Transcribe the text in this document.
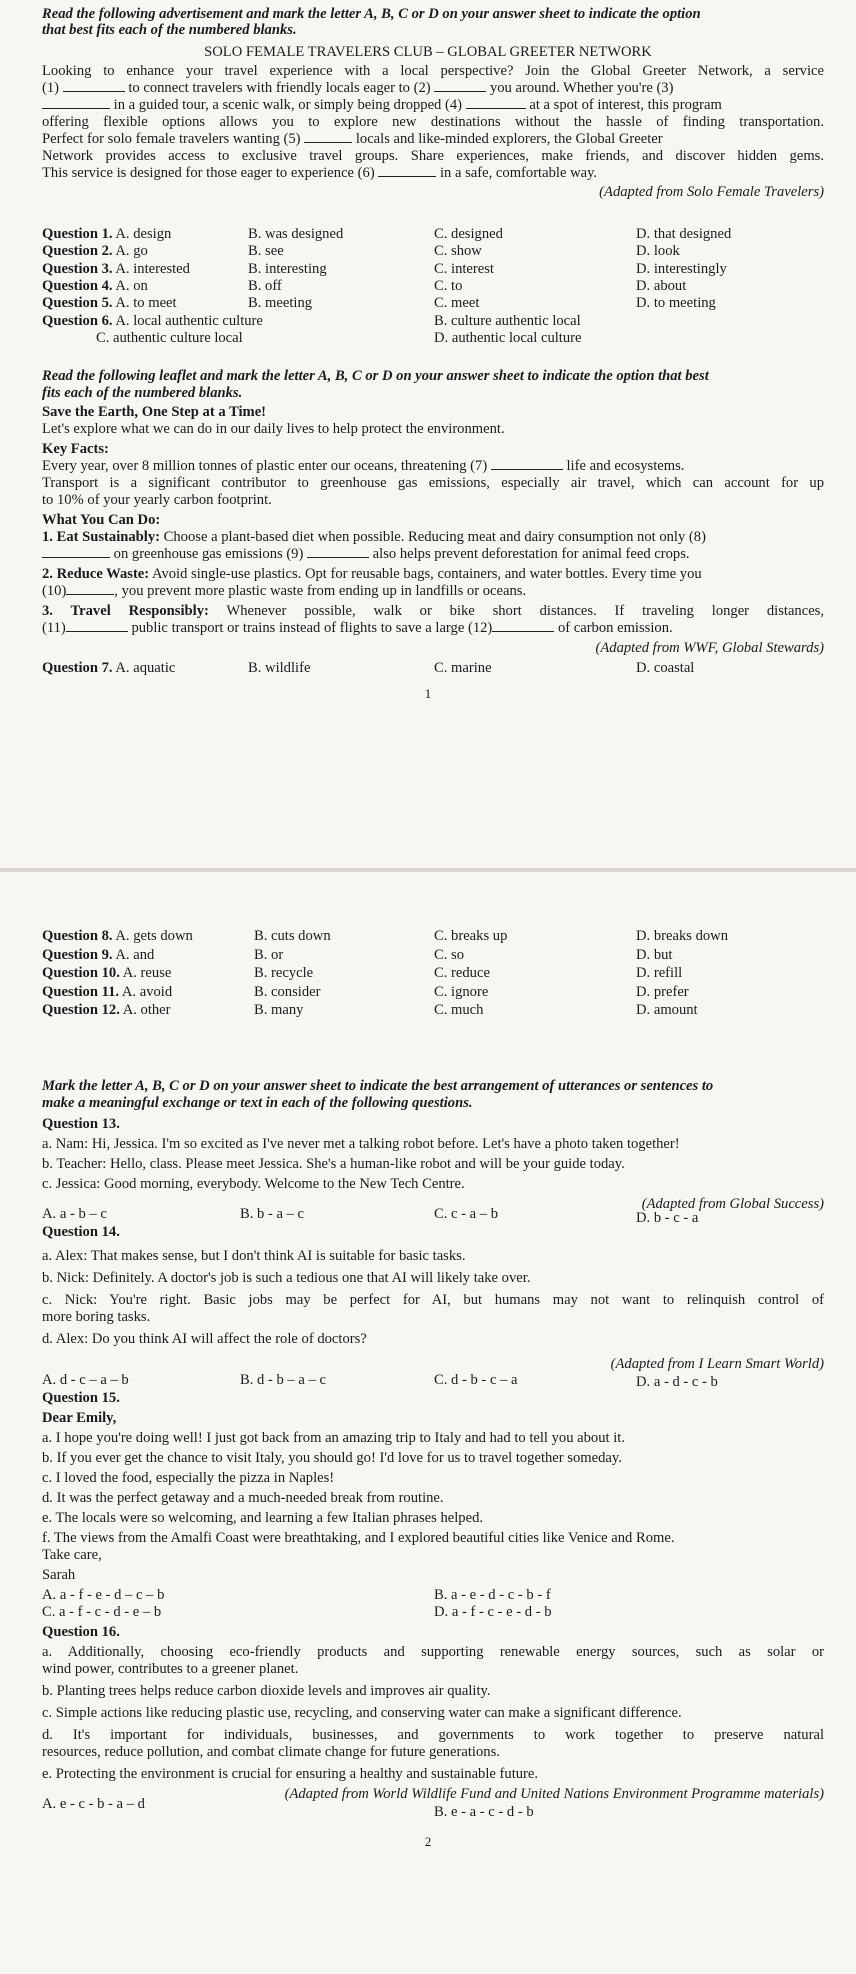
Read the following advertisement and mark the letter A, B, C or D on your answer sheet to indicate the option
that best fits each of the numbered blanks.
SOLO FEMALE TRAVELERS CLUB – GLOBAL GREETER NETWORK
Looking to enhance your travel experience with a local perspective? Join the Global Greeter Network, a service
(1)	to connect travelers with friendly locals eager to (2)	you around. Whether you're (3)
in a guided tour, a scenic walk, or simply being dropped (4)	at a spot of interest, this program
offering flexible options allows you to explore new destinations without the hassle of finding transportation.
Perfect for solo female travelers wanting (5)	locals and like-minded explorers, the Global Greeter
Network provides access to exclusive travel groups. Share experiences, make friends, and discover hidden gems.
This service is designed for those eager to experience (6)	in a safe, comfortable way.
(Adapted from Solo Female Travelers)
Question 1. A. design	B. was designed	C. designed	D. that designed
Question 2. A. go	B. see	C. show	D. look
Question 3. A. interested	B. interesting	C. interest	D. interestingly
Question 4. A. on	B. off	C. to	D. about
Question 5. A. to meet	B. meeting	C. meet	D. to meeting
Question 6. A. local authentic culture	B. culture authentic local
C. authentic culture local	D. authentic local culture
Read the following leaflet and mark the letter A, B, C or D on your answer sheet to indicate the option that best
fits each of the numbered blanks.
Save the Earth, One Step at a Time!
Let's explore what we can do in our daily lives to help protect the environment.
Key Facts:
Every year, over 8 million tonnes of plastic enter our oceans, threatening (7)	life and ecosystems.
Transport is a significant contributor to greenhouse gas emissions, especially air travel, which can account for up
to 10% of your yearly carbon footprint.
What You Can Do:
1. Eat Sustainably: Choose a plant-based diet when possible. Reducing meat and dairy consumption not only (8)
on greenhouse gas emissions (9)	also helps prevent deforestation for animal feed crops.
2. Reduce Waste: Avoid single-use plastics. Opt for reusable bags, containers, and water bottles. Every time you
(10)	, you prevent more plastic waste from ending up in landfills or oceans.
3. Travel Responsibly: Whenever possible, walk or bike short distances. If traveling longer distances,
(11)	public transport or trains instead of flights to save a large (12)	of carbon emission.
(Adapted from WWF, Global Stewards)
Question 7. A. aquatic	B. wildlife	C. marine	D. coastal
1
Question 8. A. gets down	B. cuts down	C. breaks up	D. breaks down
Question 9. A. and	B. or	C. so	D. but
Question 10. A. reuse	B. recycle	C. reduce	D. refill
Question 11. A. avoid	B. consider	C. ignore	D. prefer
Question 12. A. other	B. many	C. much	D. amount
Mark the letter A, B, C or D on your answer sheet to indicate the best arrangement of utterances or sentences to
make a meaningful exchange or text in each of the following questions.
Question 13.
a. Nam: Hi, Jessica. I'm so excited as I've never met a talking robot before. Let's have a photo taken together!
b. Teacher: Hello, class. Please meet Jessica. She's a human-like robot and will be your guide today.
c. Jessica: Good morning, everybody. Welcome to the New Tech Centre.
(Adapted from Global Success)
A. a - b – c	B. b - a – c	C. c - a – b	D. b - c - a
Question 14.
a. Alex: That makes sense, but I don't think AI is suitable for basic tasks.
b. Nick: Definitely. A doctor's job is such a tedious one that AI will likely take over.
c. Nick: You're right. Basic jobs may be perfect for AI, but humans may not want to relinquish control of
more boring tasks.
d. Alex: Do you think AI will affect the role of doctors?
(Adapted from I Learn Smart World)
A. d - c – a – b	B. d - b – a – c	C. d - b - c – a	D. a - d - c - b
Question 15.
Dear Emily,
a. I hope you're doing well! I just got back from an amazing trip to Italy and had to tell you about it.
b. If you ever get the chance to visit Italy, you should go! I'd love for us to travel together someday.
c. I loved the food, especially the pizza in Naples!
d. It was the perfect getaway and a much-needed break from routine.
e. The locals were so welcoming, and learning a few Italian phrases helped.
f. The views from the Amalfi Coast were breathtaking, and I explored beautiful cities like Venice and Rome.
Take care,
Sarah
A. a - f - e - d – c – b	B. a - e - d - c - b - f
C. a - f - c - d - e – b	D. a - f - c - e - d - b
Question 16.
a. Additionally, choosing eco-friendly products and supporting renewable energy sources, such as solar or
wind power, contributes to a greener planet.
b. Planting trees helps reduce carbon dioxide levels and improves air quality.
c. Simple actions like reducing plastic use, recycling, and conserving water can make a significant difference.
d. It's important for individuals, businesses, and governments to work together to preserve natural
resources, reduce pollution, and combat climate change for future generations.
e. Protecting the environment is crucial for ensuring a healthy and sustainable future.
(Adapted from World Wildlife Fund and United Nations Environment Programme materials)
A. e - c - b - a – d	B. e - a - c - d - b
2
